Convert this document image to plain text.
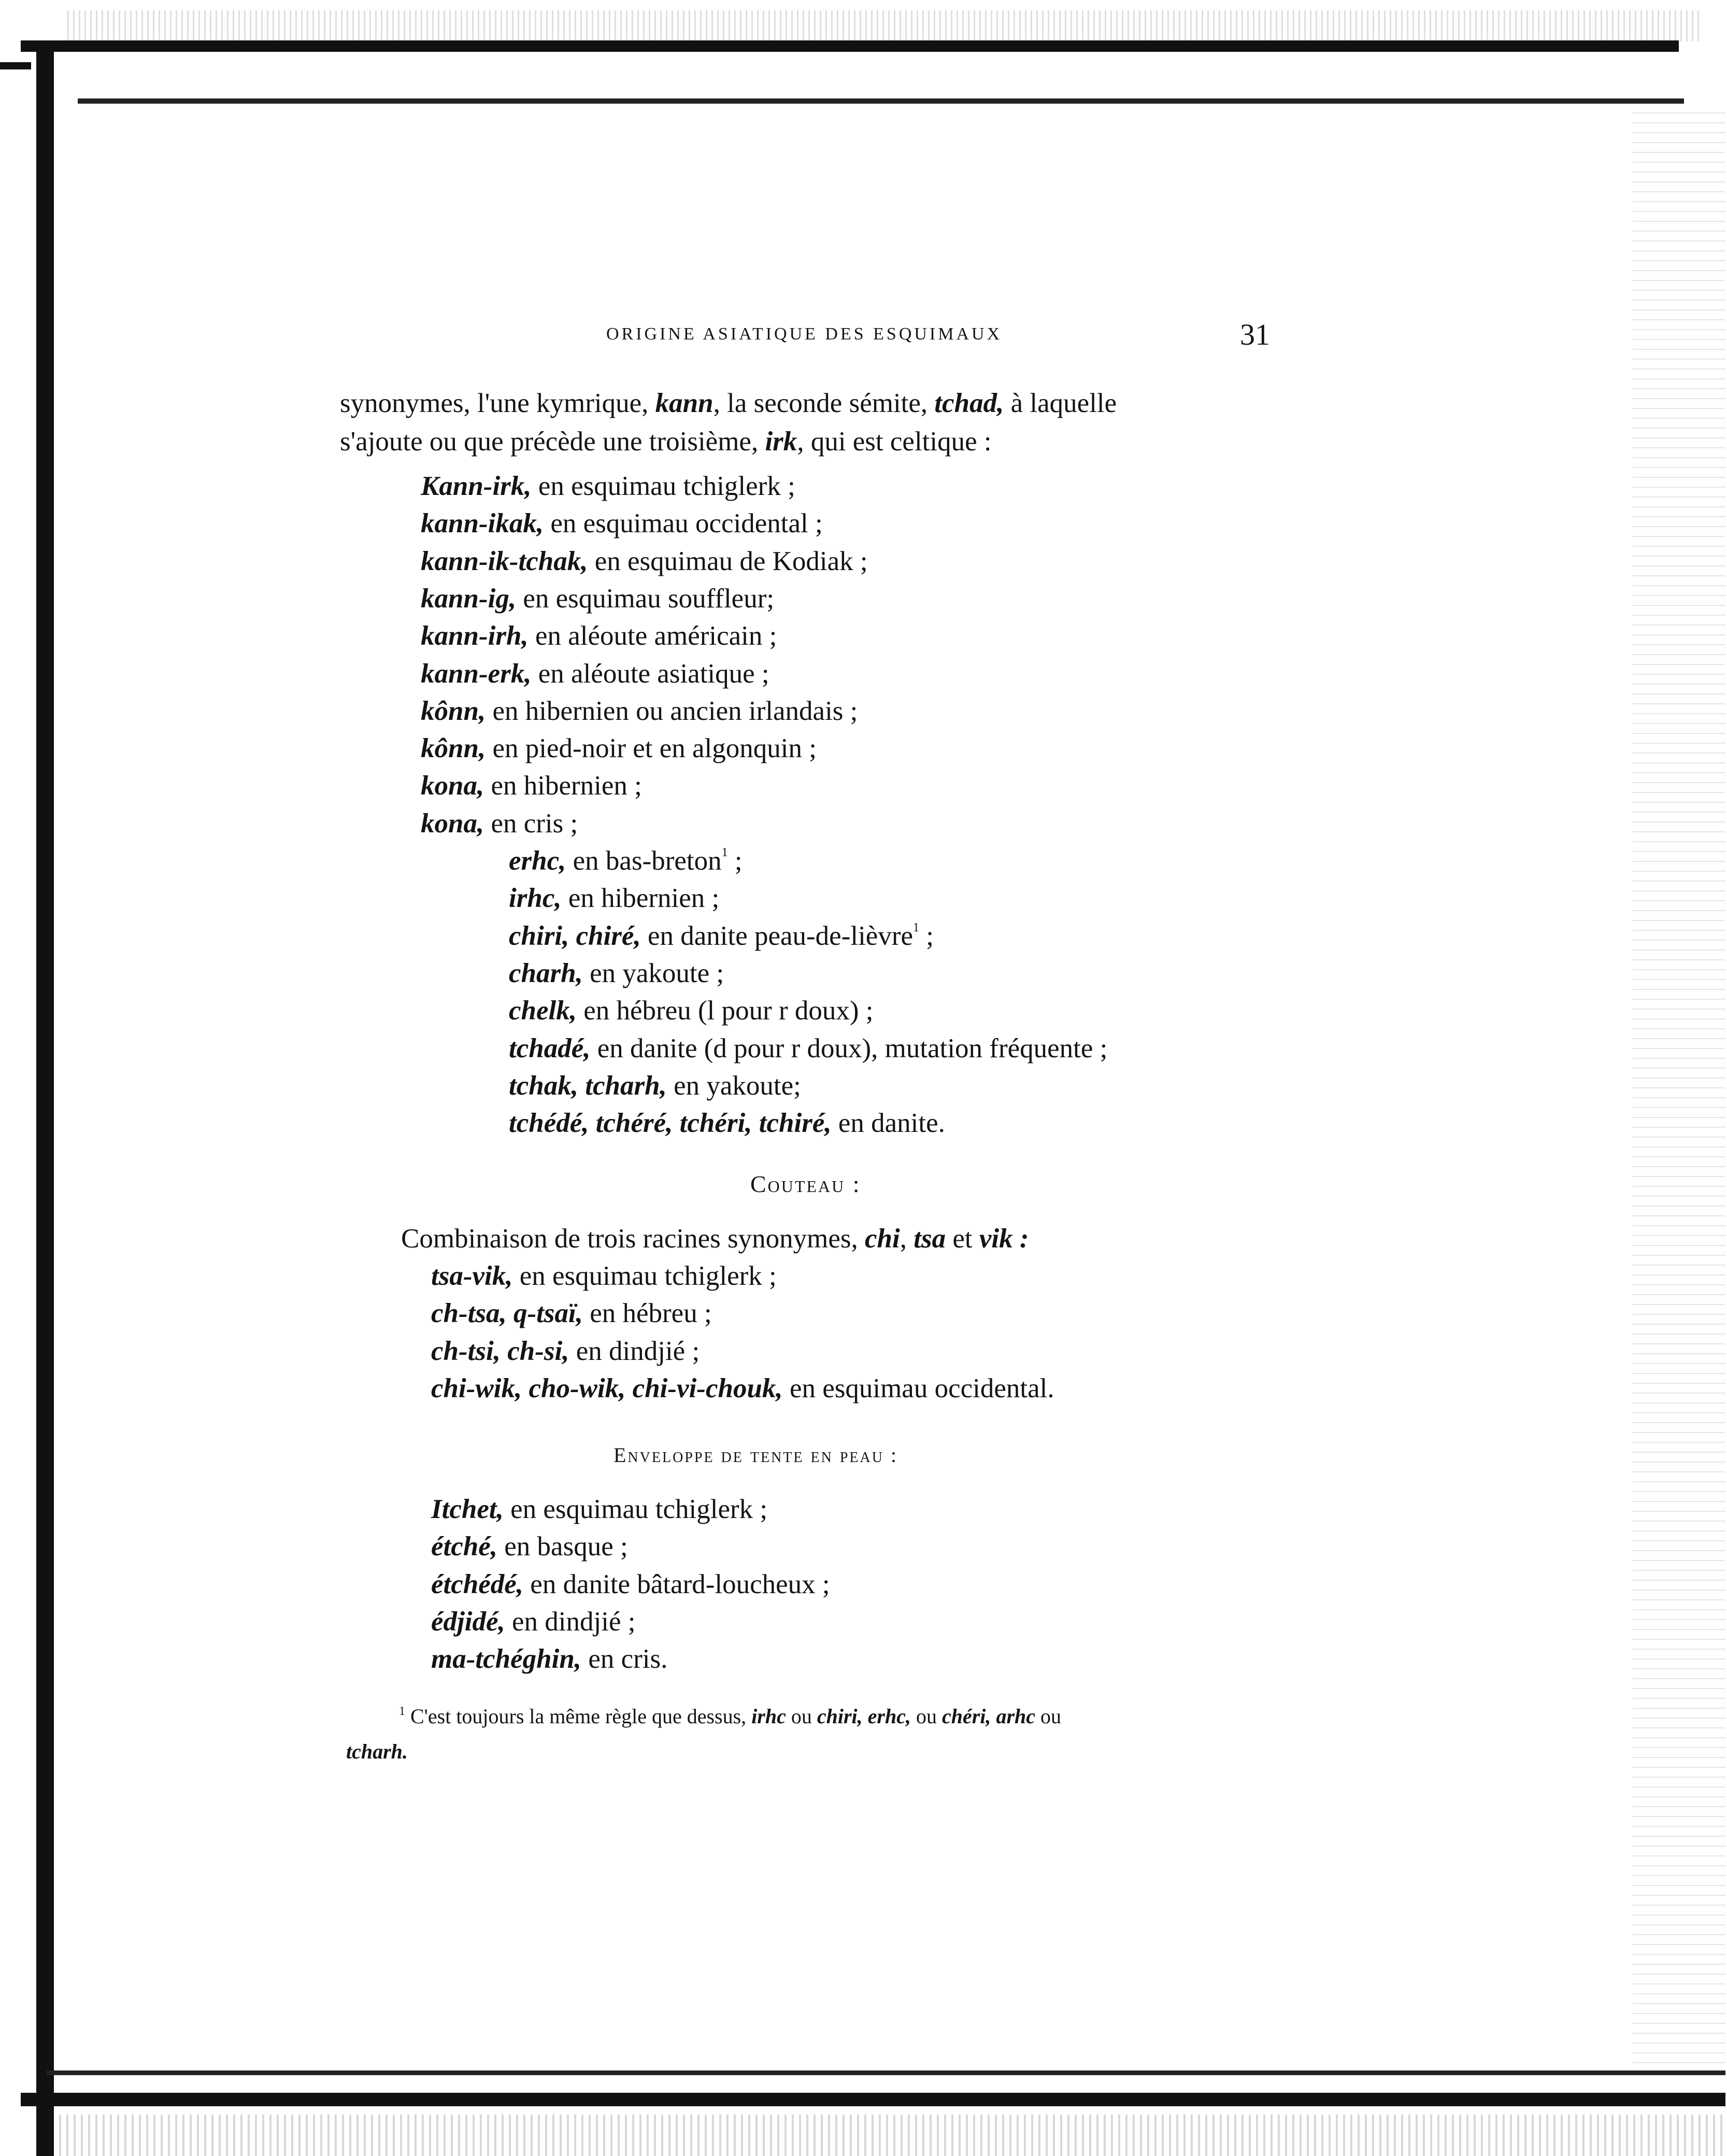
ORIGINE ASIATIQUE DES ESQUIMAUX	31
synonymes, l'une kymrique, kann, la seconde sémite, tchad, à laquelle
s'ajoute ou que précède une troisième, irk, qui est celtique :
Kann-irk, en esquimau tchiglerk ;
kann-ikak, en esquimau occidental ;
kann-ik-tchak, en esquimau de Kodiak ;
kann-ig, en esquimau souffleur;
kann-irh, en aléoute américain ;
kann-erk, en aléoute asiatique ;
kônn, en hibernien ou ancien irlandais ;
kônn, en pied-noir et en algonquin ;
kona, en hibernien ;
kona, en cris ;
erhc, en bas-breton$^1$ ;
irhc, en hibernien ;
chiri, chiré, en danite peau-de-lièvre$^1$ ;
charh, en yakoute ;
chelk, en hébreu (l pour r doux) ;
tchadé, en danite (d pour r doux), mutation fréquente ;
tchak, tcharh, en yakoute;
tchédé, tchéré, tchéri, tchiré, en danite.
Couteau :
Combinaison de trois racines synonymes, chi, tsa et vik :
tsa-vik, en esquimau tchiglerk ;
ch-tsa, q-tsaï, en hébreu ;
ch-tsi, ch-si, en dindjié ;
chi-wik, cho-wik, chi-vi-chouk, en esquimau occidental.
Enveloppe de tente en peau :
Itchet, en esquimau tchiglerk ;
étché, en basque ;
étchédé, en danite bâtard-loucheux ;
édjidé, en dindjié ;
ma-tchéghin, en cris.
$^1$ C'est toujours la même règle que dessus, irhc ou chiri, erhc, ou chéri, arhc ou
tcharh.
